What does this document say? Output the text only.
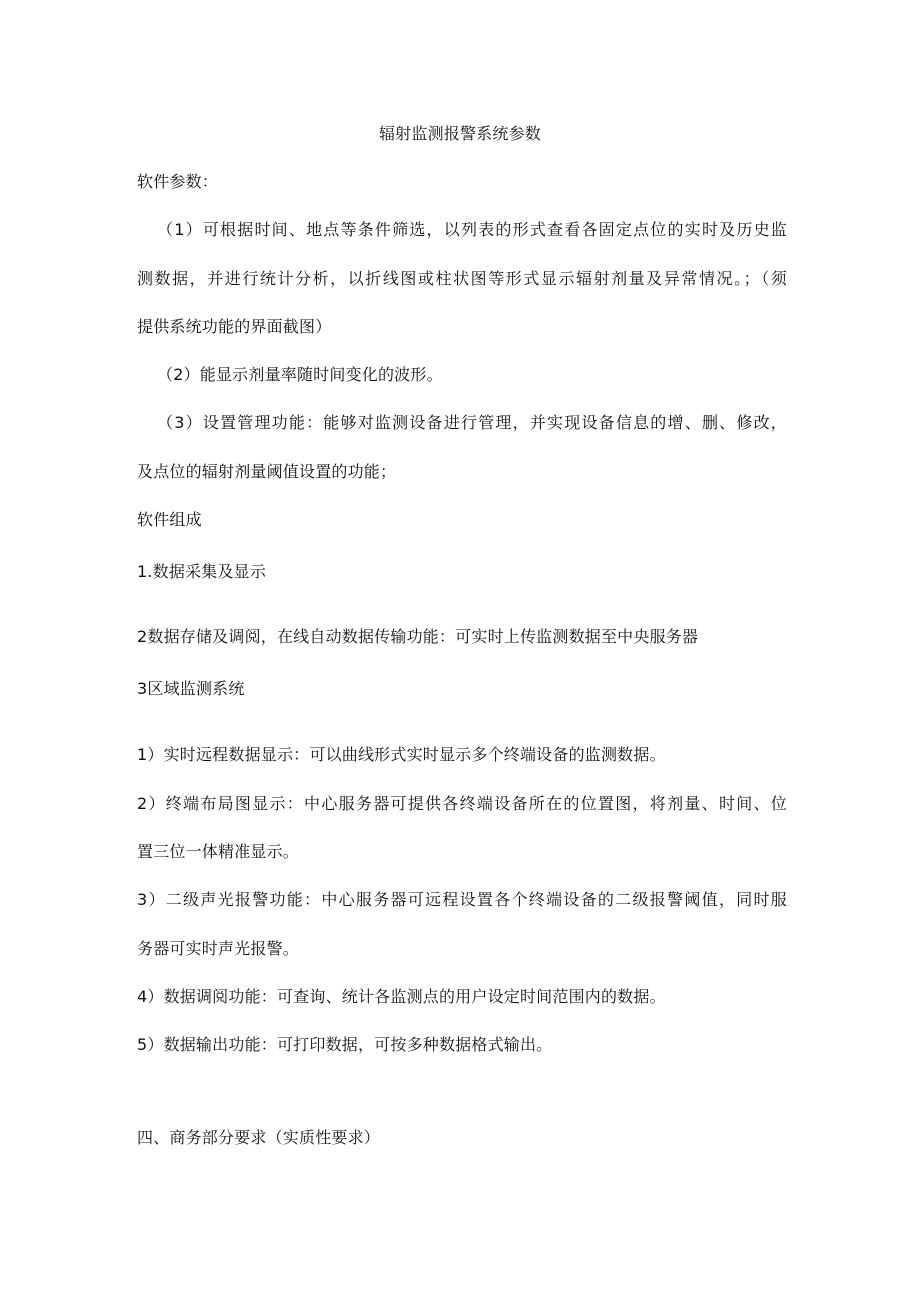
辐射监测报警系统参数
软件参数：
（1）可根据时间、地点等条件筛选，以列表的形式查看各固定点位的实时及历史监
测数据，并进行统计分析，以折线图或柱状图等形式显示辐射剂量及异常情况。；（须
提供系统功能的界面截图）
（2）能显示剂量率随时间变化的波形。
（3）设置管理功能：能够对监测设备进行管理，并实现设备信息的增、删、修改，
及点位的辐射剂量阈值设置的功能；
软件组成
1.数据采集及显示
2数据存储及调阅，在线自动数据传输功能：可实时上传监测数据至中央服务器
3区域监测系统
1）实时远程数据显示：可以曲线形式实时显示多个终端设备的监测数据。
2）终端布局图显示：中心服务器可提供各终端设备所在的位置图，将剂量、时间、位
置三位一体精准显示。
3）二级声光报警功能：中心服务器可远程设置各个终端设备的二级报警阈值，同时服
务器可实时声光报警。
4）数据调阅功能：可查询、统计各监测点的用户设定时间范围内的数据。
5）数据输出功能：可打印数据，可按多种数据格式输出。
四、商务部分要求（实质性要求）
